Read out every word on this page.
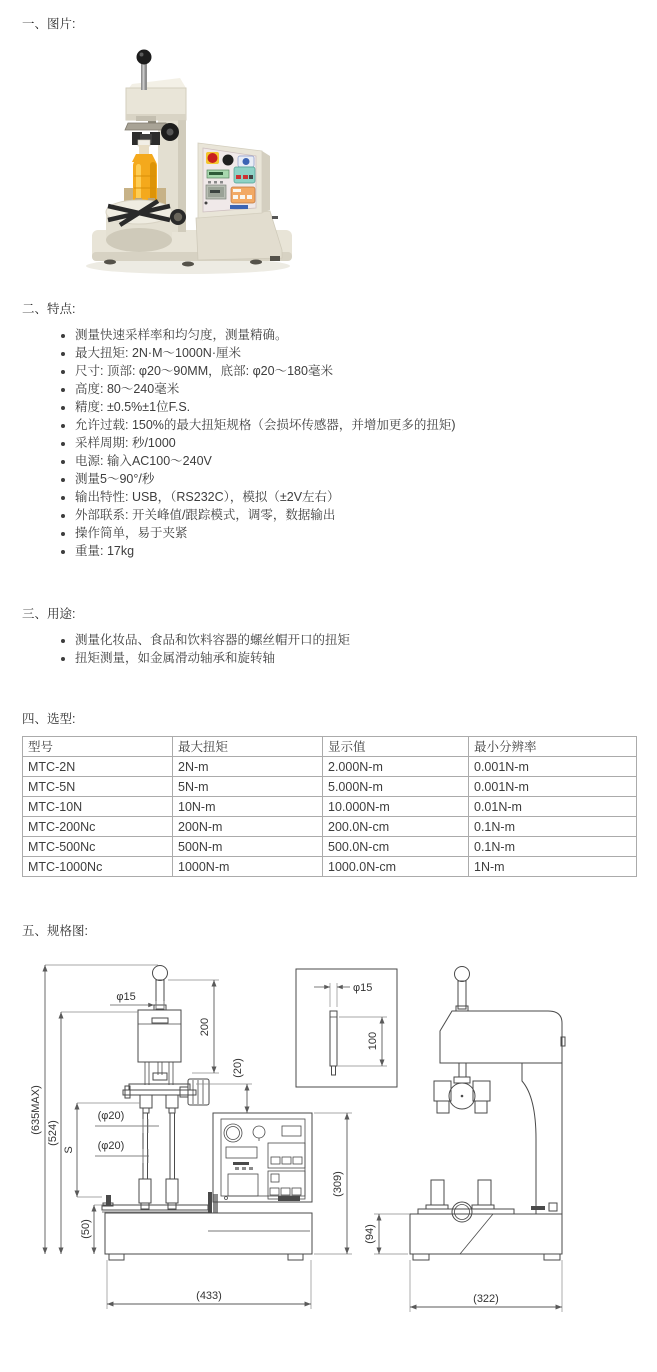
一、图片:
二、特点:
• 测量快速采样率和均匀度，测量精确。
• 最大扭矩: 2N·M〜1000N·厘米
• 尺寸: 顶部: φ20〜90MM，底部: φ20〜180毫米
• 高度: 80〜240毫米
• 精度: ±0.5%±1位F.S.
• 允许过载: 150%的最大扭矩规格（会损坏传感器，并增加更多的扭矩)
• 采样周期: 秒/1000
• 电源: 输入AC100〜240V
• 测量5〜90°/秒
• 输出特性: USB，（RS232C），模拟（±2V左右）
• 外部联系: 开关峰值/跟踪模式，调零，数据输出
• 操作简单，易于夹紧
• 重量: 17kg
三、用途:
• 测量化妆品、食品和饮料容器的螺丝帽开口的扭矩
• 扭矩测量，如金属滑动轴承和旋转轴
四、选型:
型号	最大扭矩	显示值	最小分辨率
MTC-2N	2N-m	2.000N-m	0.001N-m
MTC-5N	5N-m	5.000N-m	0.001N-m
MTC-10N	10N-m	10.000N-m	0.01N-m
MTC-200Nc	200N-m	200.0N-cm	0.1N-m
MTC-500Nc	500N-m	500.0N-cm	0.1N-m
MTC-1000Nc	1000N-m	1000.0N-cm	1N-m
五、规格图:
(635MAX) (524)
S
(50)
φ15
200
(20)
(φ20)
(φ20)
(309)
(433)
φ15
100
(94)
(322)
